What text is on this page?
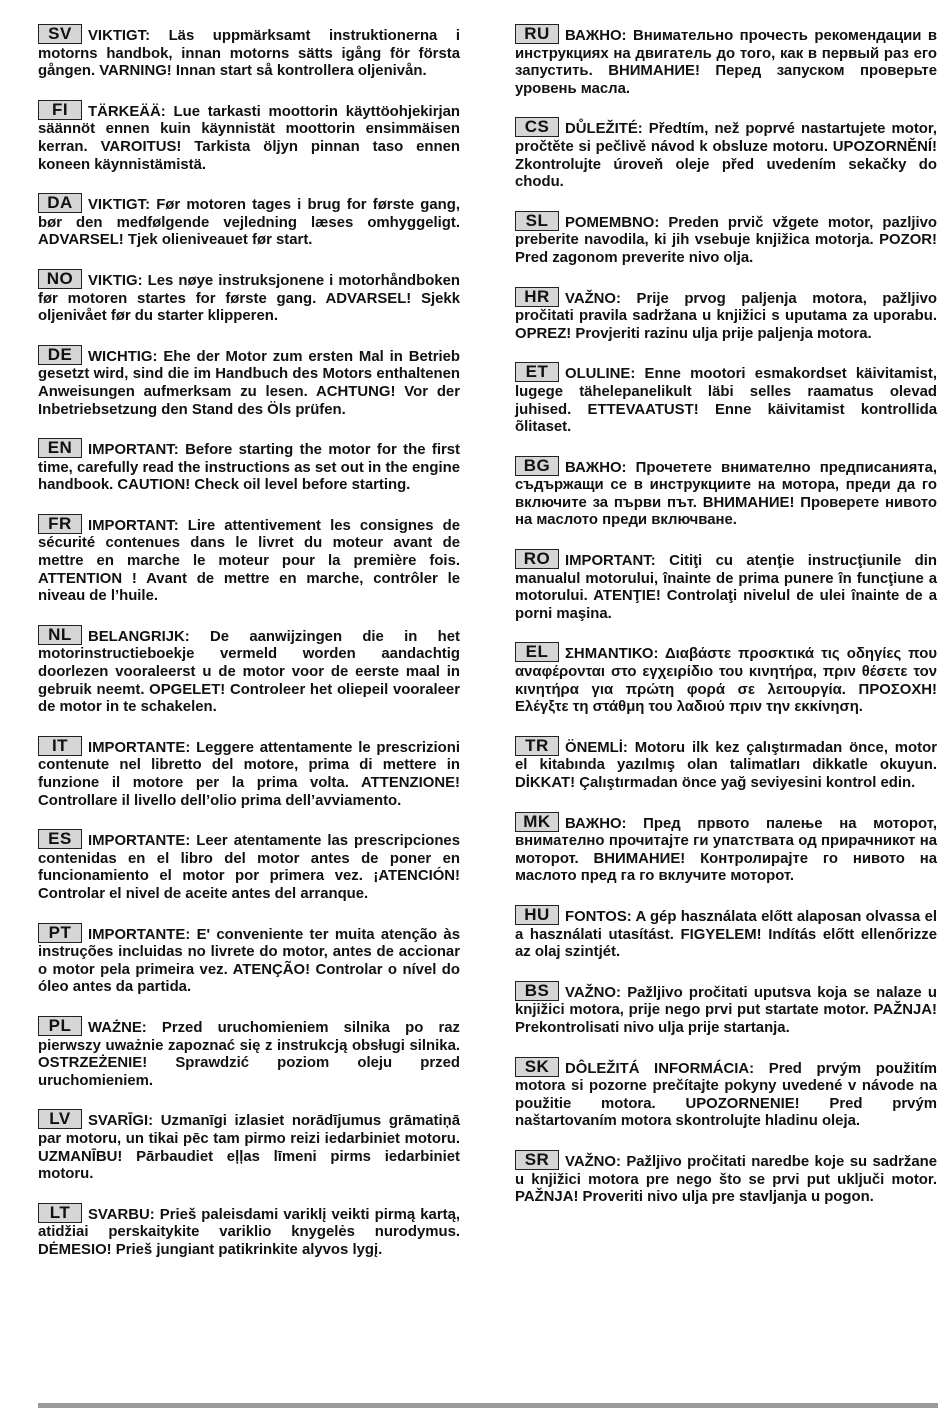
SV VIKTIGT: Läs uppmärksamt instruktionerna i motorns handbok, innan motorns sätts igång för första gången. VARNING! Innan start så kontrollera oljenivån.

FI TÄRKEÄÄ: Lue tarkasti moottorin käyttöohjekirjan säännöt ennen kuin käynnistät moottorin ensimmäisen kerran. VAROITUS! Tarkista öljyn pinnan taso ennen koneen käynnistämistä.

DA VIKTIGT: Før motoren tages i brug for første gang, bør den medfølgende vejledning læses omhyggeligt. ADVARSEL! Tjek olieniveauet før start.

NO VIKTIG: Les nøye instruksjonene i motorhåndboken før motoren startes for første gang. ADVARSEL! Sjekk oljenivået før du starter klipperen.

DE WICHTIG: Ehe der Motor zum ersten Mal in Betrieb gesetzt wird, sind die im Handbuch des Motors enthaltenen Anweisungen aufmerksam zu lesen. ACHTUNG! Vor der Inbetriebsetzung den Stand des Öls prüfen.

EN IMPORTANT: Before starting the motor for the first time, carefully read the instructions as set out in the engine handbook. CAUTION! Check oil level before starting.

FR IMPORTANT: Lire attentivement les consignes de sécurité contenues dans le livret du moteur avant de mettre en marche le moteur pour la première fois. ATTENTION ! Avant de mettre en marche, contrôler le niveau de l’huile.

NL BELANGRIJK: De aanwijzingen die in het motorinstructieboekje vermeld worden aandachtig doorlezen vooraleerst u de motor voor de eerste maal in gebruik neemt. OPGELET! Controleer het oliepeil vooraleer de motor in te schakelen.

IT IMPORTANTE: Leggere attentamente le prescrizioni contenute nel libretto del motore, prima di mettere in funzione il motore per la prima volta. ATTENZIONE! Controllare il livello dell’olio prima dell’avviamento.

ES IMPORTANTE: Leer atentamente las prescripciones contenidas en el libro del motor antes de poner en funcionamiento el motor por primera vez. ¡ATENCIÓN! Controlar el nivel de aceite antes del arranque.

PT IMPORTANTE: E' conveniente ter muita atenção às instruções incluidas no livrete do motor, antes de accionar o motor pela primeira vez. ATENÇÃO! Controlar o nível do óleo antes da partida.

PL WAŻNE: Przed uruchomieniem silnika po raz pierwszy uważnie zapoznać się z instrukcją obsługi silnika. OSTRZEŻENIE! Sprawdzić poziom oleju przed uruchomieniem.

LV SVARĪGI: Uzmanīgi izlasiet norādījumus grāmatiņā par motoru, un tikai pēc tam pirmo reizi iedarbiniet motoru. UZMANĪBU! Pārbaudiet eļļas līmeni pirms iedarbiniet motoru.

LT SVARBU: Prieš paleisdami variklį veikti pirmą kartą, atidžiai perskaitykite variklio knygelės nurodymus. DĖMESIO! Prieš jungiant patikrinkite alyvos lygį.

RU ВАЖНО: Внимательно прочесть рекомендации в инструкциях на двигатель до того, как в первый раз его запустить. ВНИМАНИЕ! Перед запуском проверьте уровень масла.

CS DŮLEŽITÉ: Předtím, než poprvé nastartujete motor, pročtěte si pečlivě návod k obsluze motoru. UPOZORNĚNÍ! Zkontrolujte úroveň oleje před uvedením sekačky do chodu.

SL POMEMBNO: Preden prvič vžgete motor, pazljivo preberite navodila, ki jih vsebuje knjižica motorja. POZOR! Pred zagonom preverite nivo olja.

HR VAŽNO: Prije prvog paljenja motora, pažljivo pročitati pravila sadržana u knjižici s uputama za uporabu. OPREZ! Provjeriti razinu ulja prije paljenja motora.

ET OLULINE: Enne mootori esmakordset käivitamist, lugege tähelepanelikult läbi selles raamatus olevad juhised. ETTEVAATUST! Enne käivitamist kontrollida õlitaset.

BG ВАЖНО: Прочетете внимателно предписанията, съдържащи се в инструкциите на мотора, преди да го включите за първи път. ВНИМАНИЕ! Проверете нивото на маслото преди включване.

RO IMPORTANT: Citiţi cu atenţie instrucţiunile din manualul motorului, înainte de prima punere în funcţiune a motorului. ATENŢIE! Controlaţi nivelul de ulei înainte de a porni maşina.

EL ΣΗΜΑΝΤΙΚΟ: Διαβάστε προσκτικά τις οδηγίες που αναφέρονται στο εγχειρίδιο του κινητήρα, πριν θέσετε τον κινητήρα για πρώτη φορά σε λειτουργία. ΠΡΟΣΟΧΗ! Ελέγξτε τη στάθμη του λαδιού πριν την εκκίνηση.

TR ÖNEMLİ: Motoru ilk kez çalıştırmadan önce, motor el kitabında yazılmış olan talimatları dikkatle okuyun. DİKKAT! Çalıştırmadan önce yağ seviyesini kontrol edin.

MK ВАЖНО: Пред првото палење на моторот, внимателно прочитајте ги упатствата од прирачникот на моторот. ВНИМАНИЕ! Контролирајте го нивото на маслото пред га го вклучите моторот.

HU FONTOS: A gép használata előtt alaposan olvassa el a használati utasítást. FIGYELEM! Indítás előtt ellenőrizze az olaj szintjét.

BS VAŽNO: Pažljivo pročitati uputsva koja se nalaze u knjižici motora, prije nego prvi put startate motor. PAŽNJA! Prekontrolisati nivo ulja prije startanja.

SK DÔLEŽITÁ INFORMÁCIA: Pred prvým použitím motora si pozorne prečítajte pokyny uvedené v návode na použitie motora. UPOZORNENIE! Pred prvým naštartovaním motora skontrolujte hladinu oleja.

SR VAŽNO: Pažljivo pročitati naredbe koje su sadržane u knjižici motora pre nego što se prvi put uključi motor. PAŽNJA! Proveriti nivo ulja pre stavljanja u pogon.
